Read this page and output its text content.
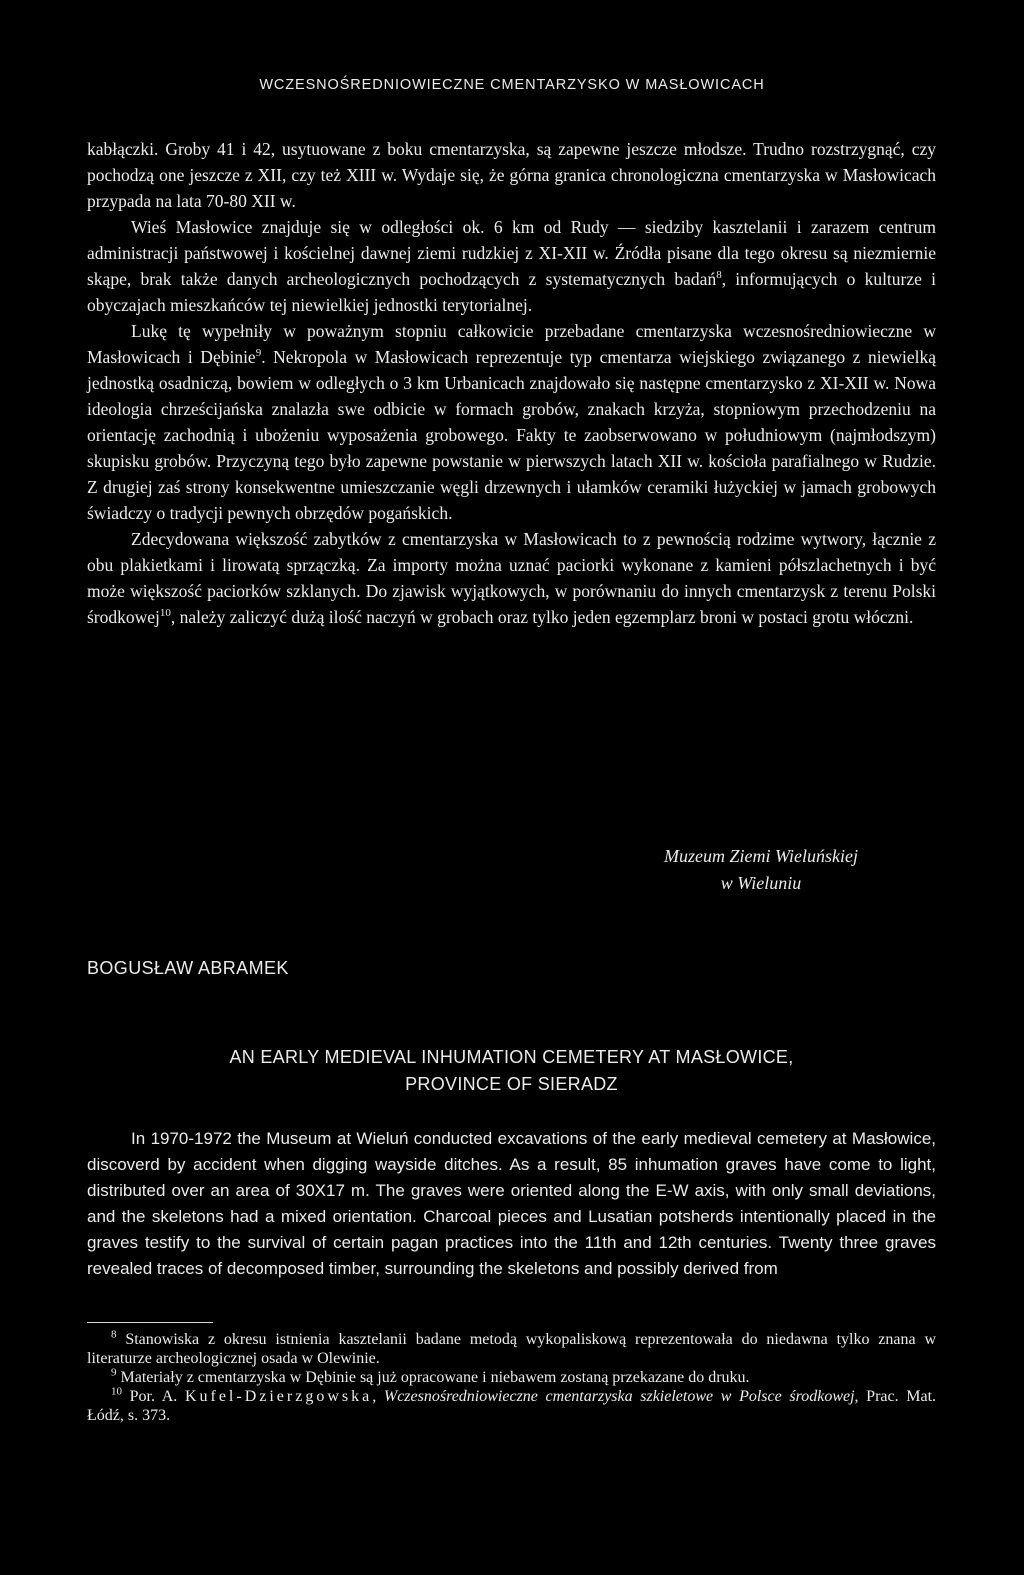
WCZESNOŚREDNIOWIECZNE CMENTARZYSKO W MASŁOWICACH

kabłączki. Groby 41 i 42, usytuowane z boku cmentarzyska, są zapewne jeszcze młodsze. Trudno rozstrzygnąć, czy pochodzą one jeszcze z XII, czy też XIII w. Wydaje się, że górna granica chronologiczna cmentarzyska w Masłowicach przypada na lata 70-80 XII w.

Wieś Masłowice znajduje się w odległości ok. 6 km od Rudy — siedziby kasztelanii i zarazem centrum administracji państwowej i kościelnej dawnej ziemi rudzkiej z XI-XII w. Źródła pisane dla tego okresu są niezmiernie skąpe, brak także danych archeologicznych pochodzących z systematycznych badań$^8$, informujących o kulturze i obyczajach mieszkańców tej niewielkiej jednostki terytorialnej.

Lukę tę wypełniły w poważnym stopniu całkowicie przebadane cmentarzyska wczesnośredniowieczne w Masłowicach i Dębinie$^9$. Nekropola w Masłowicach reprezentuje typ cmentarza wiejskiego związanego z niewielką jednostką osadniczą, bowiem w odległych o 3 km Urbanicach znajdowało się następne cmentarzysko z XI-XII w. Nowa ideologia chrześcijańska znalazła swe odbicie w formach grobów, znakach krzyża, stopniowym przechodzeniu na orientację zachodnią i ubożeniu wyposażenia grobowego. Fakty te zaobserwowano w południowym (najmłodszym) skupisku grobów. Przyczyną tego było zapewne powstanie w pierwszych latach XII w. kościoła parafialnego w Rudzie. Z drugiej zaś strony konsekwentne umieszczanie węgli drzewnych i ułamków ceramiki łużyckiej w jamach grobowych świadczy o tradycji pewnych obrzędów pogańskich.

Zdecydowana większość zabytków z cmentarzyska w Masłowicach to z pewnością rodzime wytwory, łącznie z obu plakietkami i lirowatą sprzączką. Za importy można uznać paciorki wykonane z kamieni półszlachetnych i być może większość paciorków szklanych. Do zjawisk wyjątkowych, w porównaniu do innych cmentarzysk z terenu Polski środkowej$^{10}$, należy zaliczyć dużą ilość naczyń w grobach oraz tylko jeden egzemplarz broni w postaci grotu włóczni.

Muzeum Ziemi Wieluńskiej
w Wieluniu
BOGUSŁAW ABRAMEK
AN EARLY MEDIEVAL INHUMATION CEMETERY AT MASŁOWICE,
PROVINCE OF SIERADZ

In 1970-1972 the Museum at Wieluń conducted excavations of the early medieval cemetery at Masłowice, discoverd by accident when digging wayside ditches. As a result, 85 inhumation graves have come to light, distributed over an area of 30X17 m. The graves were oriented along the E-W axis, with only small deviations, and the skeletons had a mixed orientation. Charcoal pieces and Lusatian potsherds intentionally placed in the graves testify to the survival of certain pagan practices into the 11th and 12th centuries. Twenty three graves revealed traces of decomposed timber, surrounding the skeletons and possibly derived from

$^8$ Stanowiska z okresu istnienia kasztelanii badane metodą wykopaliskową reprezentowała do niedawna tylko znana w literaturze archeologicznej osada w Olewinie.

$^9$ Materiały z cmentarzyska w Dębinie są już opracowane i niebawem zostaną przekazane do druku.

$^{10}$ Por. A. Kufel-Dzierzgowska, Wczesnośredniowieczne cmentarzyska szkieletowe w Polsce środkowej, Prac. Mat. Łódź, s. 373.
